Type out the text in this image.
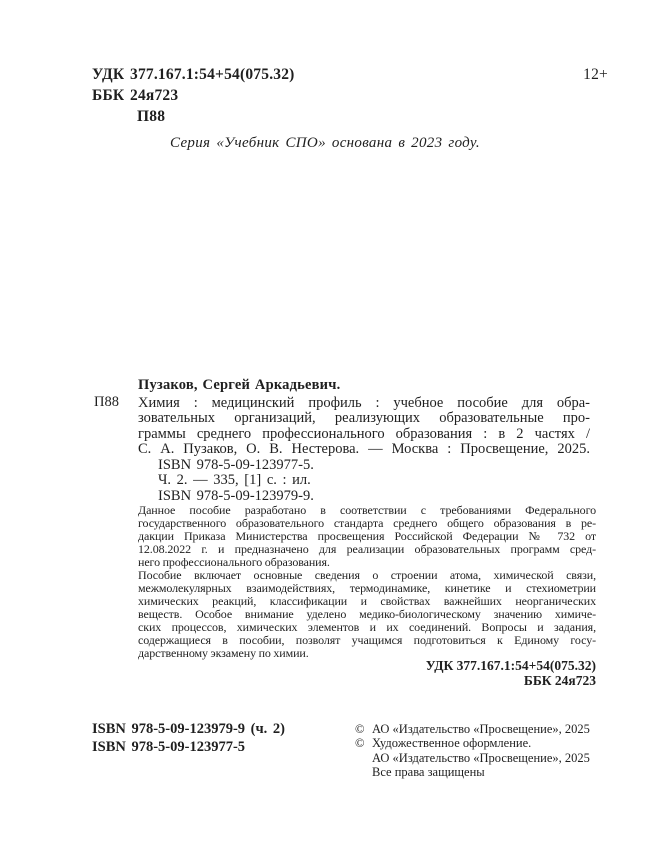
УДК 377.167.1:54+54(075.32)
ББК 24я723
П88
12+
Серия «Учебник СПО» основана в 2023 году.
Пузаков, Сергей Аркадьевич.
П88 Химия : медицинский профиль : учебное пособие для обра-
зовательных организаций, реализующих образовательные про-
граммы среднего профессионального образования : в 2 частях /
С. А. Пузаков, О. В. Нестерова. — Москва : Просвещение, 2025.
ISBN 978-5-09-123977-5.
Ч. 2. — 335, [1] с. : ил.
ISBN 978-5-09-123979-9.
Данное пособие разработано в соответствии с требованиями Федерального
государственного образовательного стандарта среднего общего образования в ре-
дакции Приказа Министерства просвещения Российской Федерации № 732 от
12.08.2022 г. и предназначено для реализации образовательных программ сред-
него профессионального образования.
Пособие включает основные сведения о строении атома, химической связи,
межмолекулярных взаимодействиях, термодинамике, кинетике и стехиометрии
химических реакций, классификации и свойствах важнейших неорганических
веществ. Особое внимание уделено медико-биологическому значению химиче-
ских процессов, химических элементов и их соединений. Вопросы и задания,
содержащиеся в пособии, позволят учащимся подготовиться к Единому госу-
дарственному экзамену по химии.
УДК 377.167.1:54+54(075.32)
ББК 24я723
ISBN 978-5-09-123979-9 (ч. 2)
ISBN 978-5-09-123977-5
© АО «Издательство «Просвещение», 2025
© Художественное оформление.
АО «Издательство «Просвещение», 2025
Все права защищены
